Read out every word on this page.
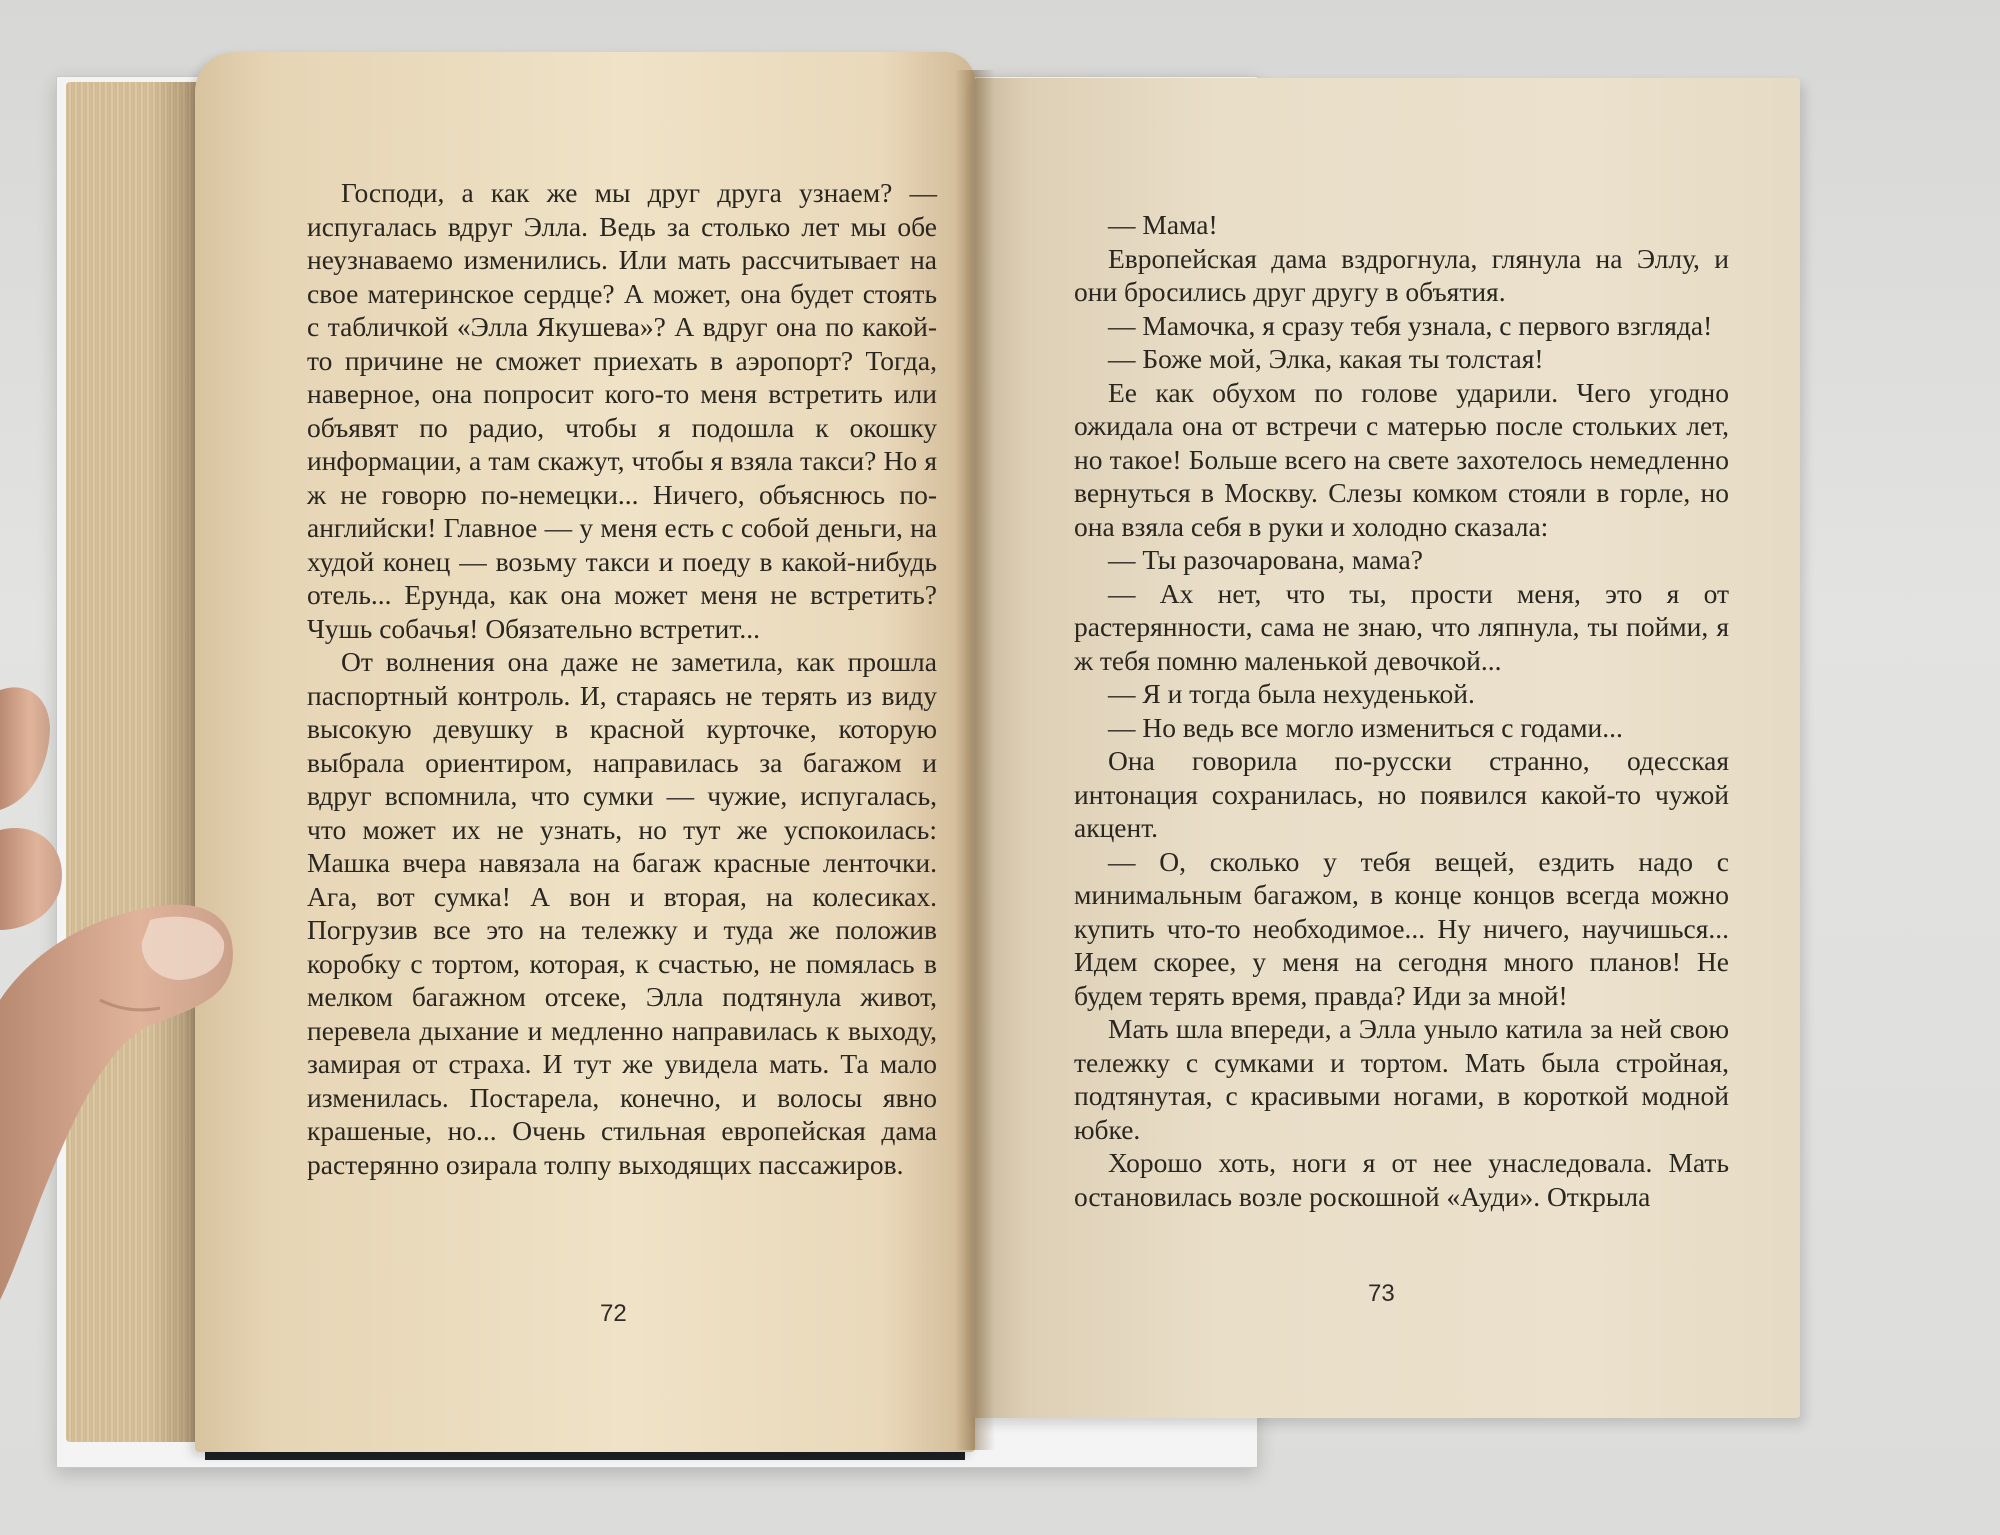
Господи, а как же мы друг друга узнаем? — испугалась вдруг Элла. Ведь за столько лет мы обе неузнаваемо изменились. Или мать рассчитывает на свое материнское сердце? А может, она будет стоять с табличкой «Элла Якушева»? А вдруг она по какой-то причине не сможет приехать в аэропорт? Тогда, наверное, она попросит кого-то меня встретить или объявят по радио, чтобы я подошла к окошку информации, а там скажут, чтобы я взяла такси? Но я ж не говорю по-немецки... Ничего, объяснюсь по-английски! Главное — у меня есть с собой деньги, на худой конец — возьму такси и поеду в какой-нибудь отель... Ерунда, как она может меня не встретить? Чушь собачья! Обязательно встретит...

От волнения она даже не заметила, как прошла паспортный контроль. И, стараясь не терять из виду высокую девушку в красной курточке, которую выбрала ориентиром, направилась за багажом и вдруг вспомнила, что сумки — чужие, испугалась, что может их не узнать, но тут же успокоилась: Машка вчера навязала на багаж красные ленточки. Ага, вот сумка! А вон и вторая, на колесиках. Погрузив все это на тележку и туда же положив коробку с тортом, которая, к счастью, не помялась в мелком багажном отсеке, Элла подтянула живот, перевела дыхание и медленно направилась к выходу, замирая от страха. И тут же увидела мать. Та мало изменилась. Постарела, конечно, и волосы явно крашеные, но... Очень стильная европейская дама растерянно озирала толпу выходящих пассажиров.

72

— Мама!

Европейская дама вздрогнула, глянула на Эллу, и они бросились друг другу в объятия.

— Мамочка, я сразу тебя узнала, с первого взгляда!

— Боже мой, Элка, какая ты толстая!

Ее как обухом по голове ударили. Чего угодно ожидала она от встречи с матерью после стольких лет, но такое! Больше всего на свете захотелось немедленно вернуться в Москву. Слезы комком стояли в горле, но она взяла себя в руки и холодно сказала:

— Ты разочарована, мама?

— Ах нет, что ты, прости меня, это я от растерянности, сама не знаю, что ляпнула, ты пойми, я ж тебя помню маленькой девочкой...

— Я и тогда была нехуденькой.

— Но ведь все могло измениться с годами...

Она говорила по-русски странно, одесская интонация сохранилась, но появился какой-то чужой акцент.

— О, сколько у тебя вещей, ездить надо с минимальным багажом, в конце концов всегда можно купить что-то необходимое... Ну ничего, научишься... Идем скорее, у меня на сегодня много планов! Не будем терять время, правда? Иди за мной!

Мать шла впереди, а Элла уныло катила за ней свою тележку с сумками и тортом. Мать была стройная, подтянутая, с красивыми ногами, в короткой модной юбке.

Хорошо хоть, ноги я от нее унаследовала. Мать остановилась возле роскошной «Ауди». Открыла

73
